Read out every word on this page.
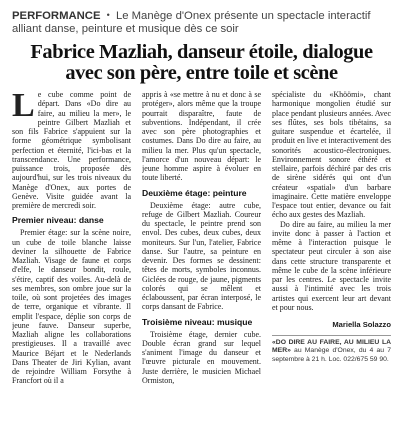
PERFORMANCE • Le Manège d'Onex présente un spectacle interactif alliant danse, peinture et musique dès ce soir
Fabrice Mazliah, danseur étoile, dialogue avec son père, entre toile et scène

Le cube comme point de départ. Dans «Do dire au faire, au milieu la mer», le peintre Gilbert Mazliah et son fils Fabrice s'appuient sur la forme géométrique symbolisant perfection et éternité, l'ici-bas et la transcendance. Une performance, puissance trois, proposée dès aujourd'hui, sur les trois niveaux du Manège d'Onex, aux portes de Genève. Visite guidée avant la première de mercredi soir.

Premier niveau: danse

Premier étage: sur la scène noire, un cube de toile blanche laisse deviner la silhouette de Fabrice Mazliah. Visage de faune et corps d'elfe, le danseur bondit, roule, s'étire, captif des voiles. Au-delà de ses membres, son ombre joue sur la toile, où sont projetées des images de terre, organique et vibrante. Il emplit l'espace, déplie son corps de jeune fauve. Danseur superbe, Mazliah aligne les collaborations prestigieuses. Il a travaillé avec Maurice Béjart et le Nederlands Dans Theater de Jiri Kylian, avant de rejoindre William Forsythe à Francfort où il a

appris à «se mettre à nu et donc à se protéger», alors même que la troupe pourrait disparaître, faute de subventions. Indépendant, il crée avec son père photographies et costumes. Dans Do dire au faire, au milieu la mer. Plus qu'un spectacle, l'amorce d'un nouveau départ: le jeune homme aspire à évoluer en toute liberté.

Deuxième étage: peinture

Deuxième étage: autre cube, refuge de Gilbert Mazliah. Coureur du spectacle, le peintre prend son envol. Des cubes, deux cubes, deux moniteurs. Sur l'un, l'atelier, Fabrice danse. Sur l'autre, sa peinture en devenir. Des formes se dessinent: têtes de morts, symboles inconnus. Giclées de rouge, de jaune, pigments colorés qui se mêlent et éclaboussent, par écran interposé, le corps dansant de Fabrice.

Troisième niveau: musique

Troisième étage, dernier cube. Double écran grand sur lequel s'animent l'image du danseur et l'œuvre picturale en mouvement. Juste derrière, le musicien Michael Ormiston,

spécialiste du «Khöömi», chant harmonique mongolien étudié sur place pendant plusieurs années. Avec ses flûtes, ses bols tibétains, sa guitare suspendue et écartelée, il produit en live et interactivement des sonorités acoustico-électroniques. Environnement sonore éthéré et stellaire, parfois déchiré par des cris de sirène sidérés qui ont d'un créateur «spatial» d'un barbare imaginaire. Cette matière enveloppe l'espace tout entier, devance ou fait écho aux gestes des Mazliah.

Do dire au faire, au milieu la mer invite donc à passer à l'action et même à l'interaction puisque le spectateur peut circuler à son aise dans cette structure transparente et même le cube de la scène inférieure par les centres. Le spectacle invite aussi à l'intimité avec les trois artistes qui exercent leur art devant et pour nous.

Mariella Solazzo
«DO DIRE AU FAIRE, AU MILIEU LA MER» au Manège d'Onex, du 4 au 7 septembre à 21 h. Loc. 022/675 59 90.
